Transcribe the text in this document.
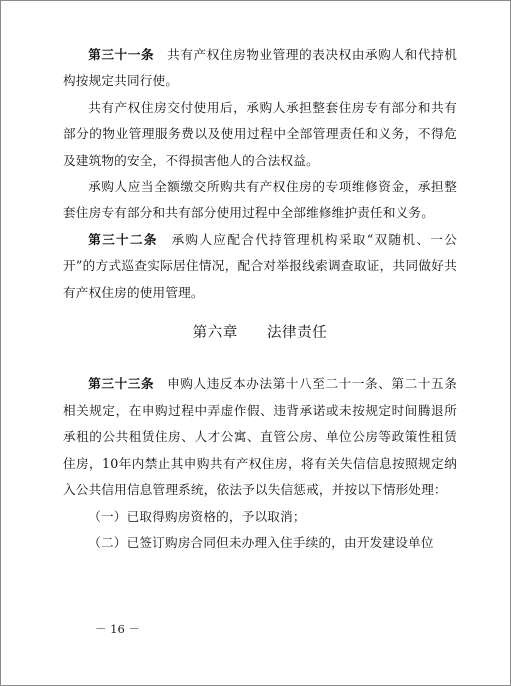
第三十一条 共有产权住房物业管理的表决权由承购人和代持机构按规定共同行使。

共有产权住房交付使用后，承购人承担整套住房专有部分和共有部分的物业管理服务费以及使用过程中全部管理责任和义务，不得危及建筑物的安全，不得损害他人的合法权益。

承购人应当全额缴交所购共有产权住房的专项维修资金，承担整套住房专有部分和共有部分使用过程中全部维修维护责任和义务。

第三十二条 承购人应配合代持管理机构采取“双随机、一公开”的方式巡查实际居住情况，配合对举报线索调查取证，共同做好共有产权住房的使用管理。

第六章 法律责任

第三十三条 申购人违反本办法第十八至二十一条、第二十五条相关规定，在申购过程中弄虚作假、违背承诺或未按规定时间腾退所承租的公共租赁住房、人才公寓、直管公房、单位公房等政策性租赁住房，10年内禁止其申购共有产权住房，将有关失信信息按照规定纳入公共信用信息管理系统，依法予以失信惩戒，并按以下情形处理：

（一）已取得购房资格的，予以取消；

（二）已签订购房合同但未办理入住手续的，由开发建设单位

－ 16 －
